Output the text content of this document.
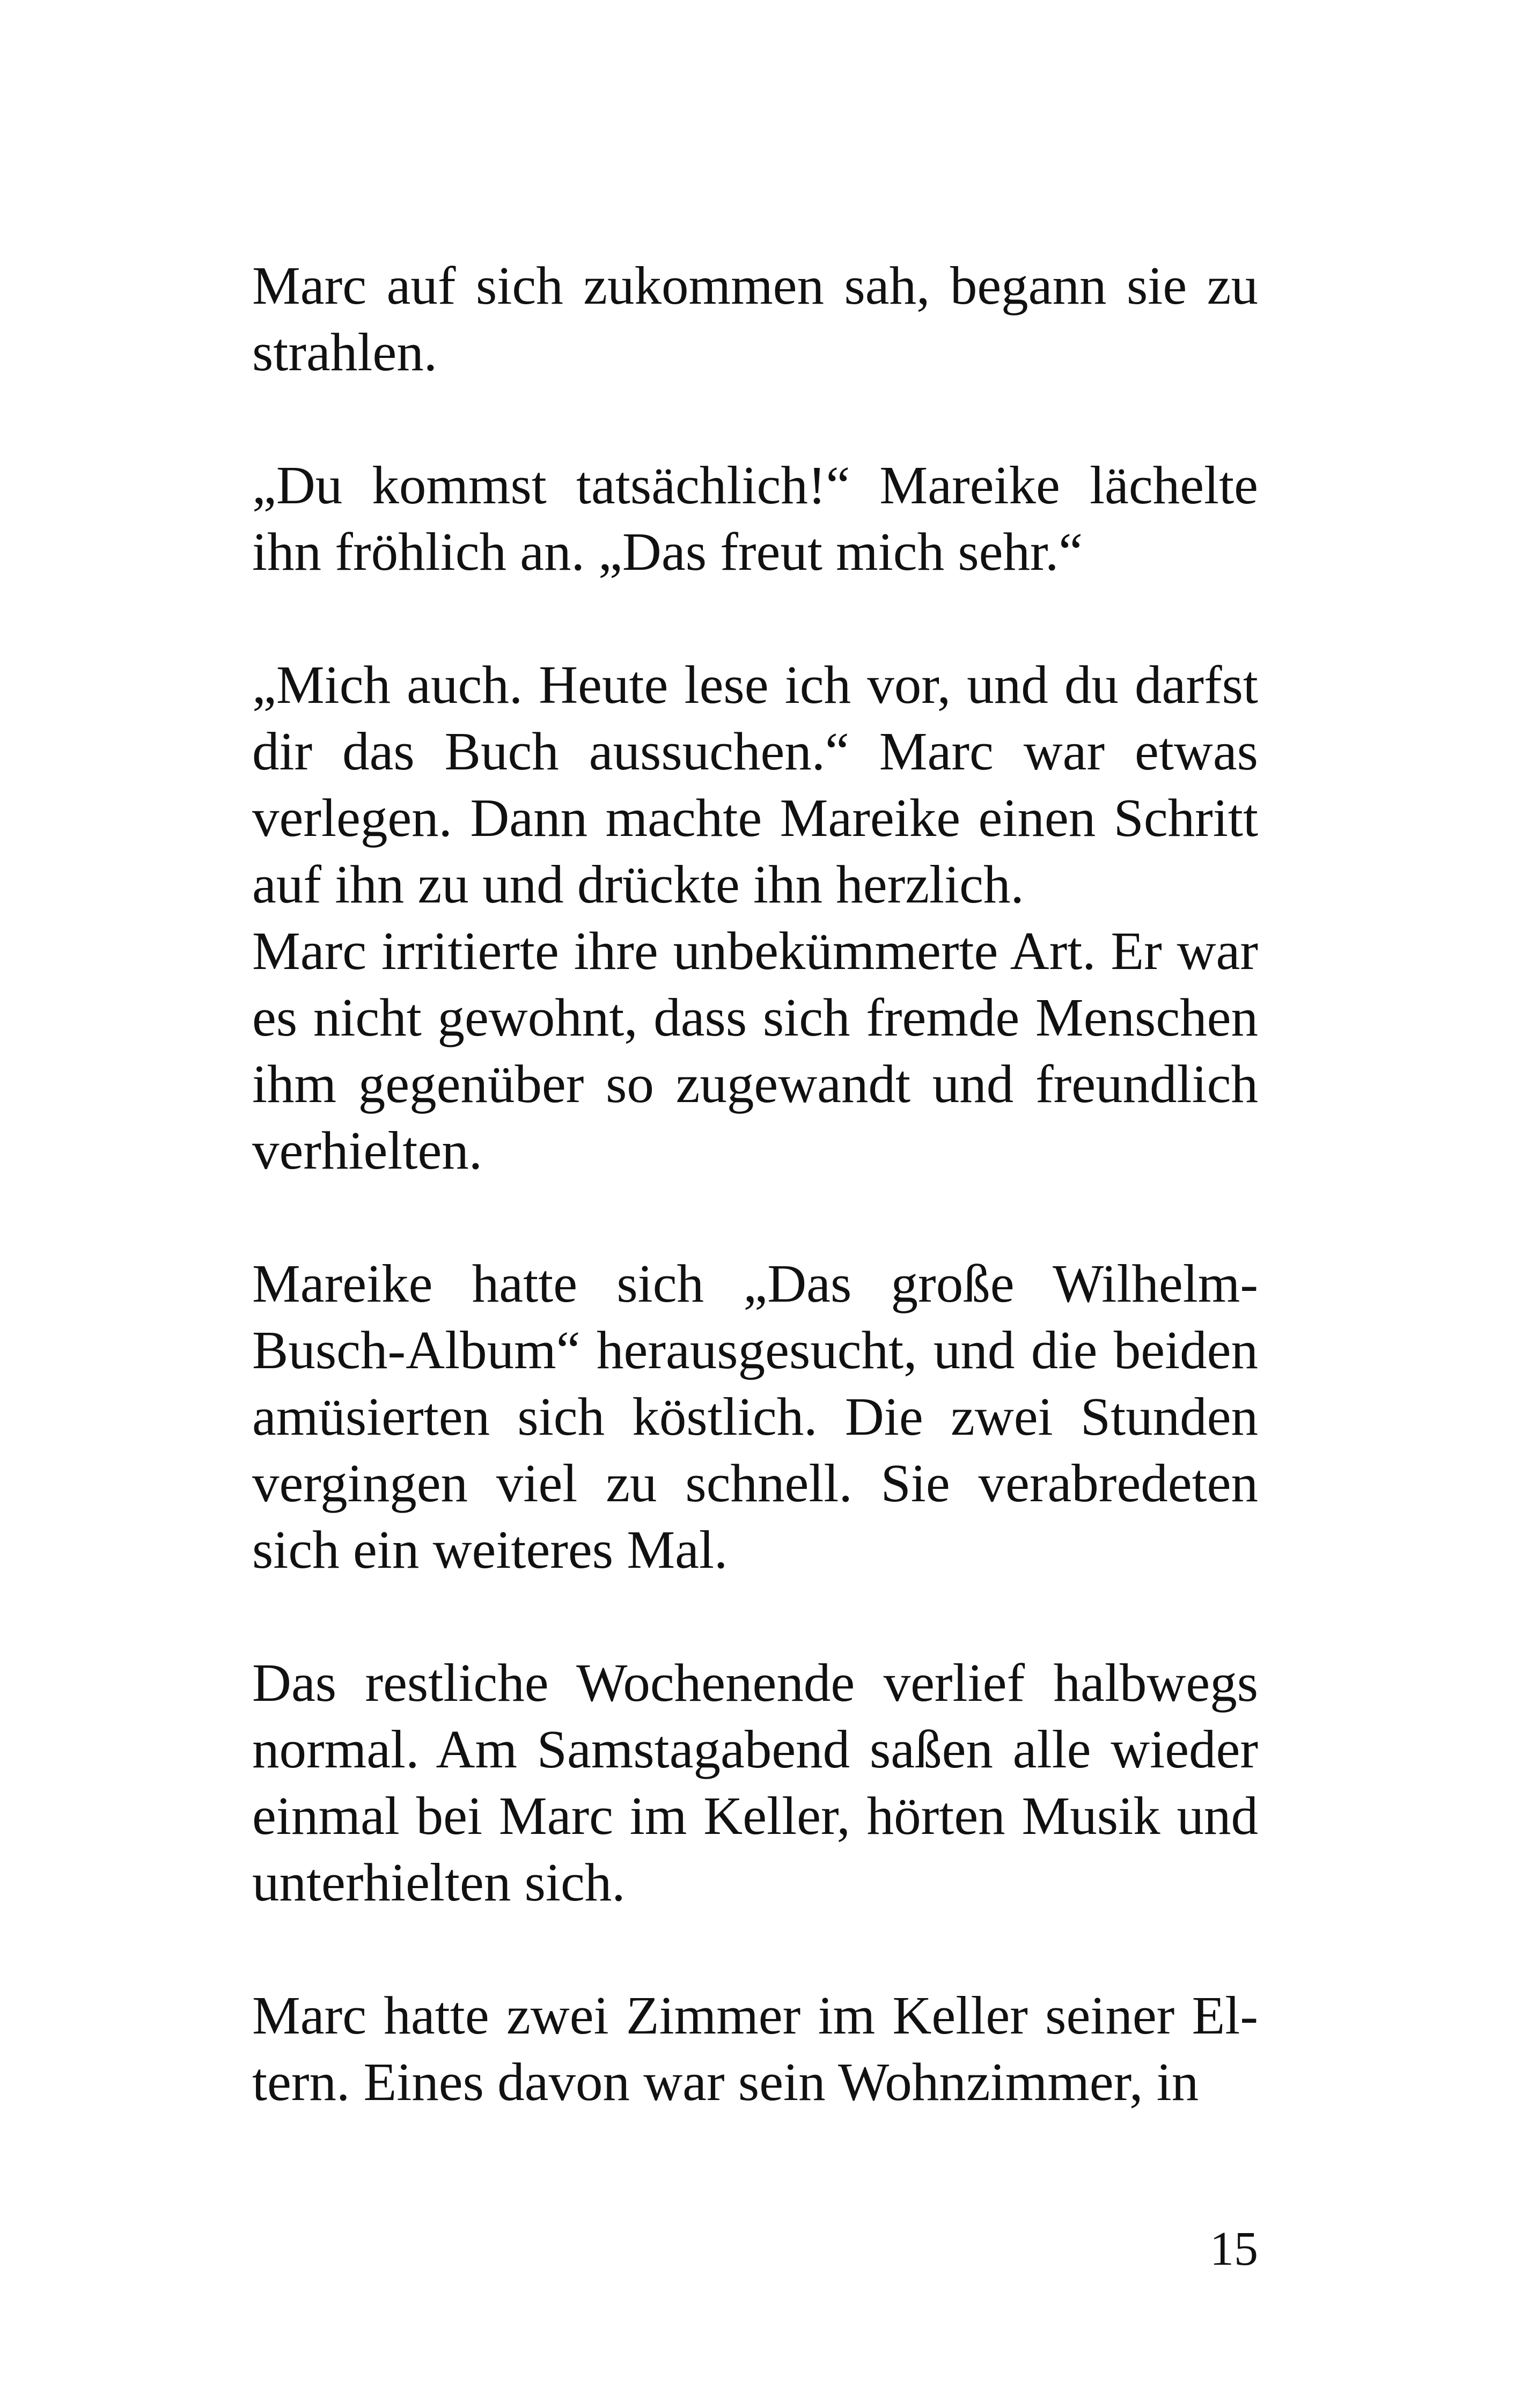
Marc auf sich zukommen sah, begann sie zu strahlen.

„Du kommst tatsächlich!“ Mareike lächelte ihn fröhlich an. „Das freut mich sehr.“

„Mich auch. Heute lese ich vor, und du darfst dir das Buch aussuchen.“ Marc war etwas verlegen. Dann machte Mareike einen Schritt auf ihn zu und drückte ihn herzlich.

Marc irritierte ihre unbekümmerte Art. Er war es nicht gewohnt, dass sich fremde Menschen ihm gegenüber so zugewandt und freundlich verhielten.

Mareike hatte sich „Das große Wilhelm-Busch-Album“ herausgesucht, und die beiden amüsierten sich köstlich. Die zwei Stunden vergingen viel zu schnell. Sie verabredeten sich ein weiteres Mal.

Das restliche Wochenende verlief halbwegs normal. Am Samstagabend saßen alle wieder einmal bei Marc im Keller, hörten Musik und unterhielten sich.

Marc hatte zwei Zimmer im Keller seiner Eltern. Eines davon war sein Wohnzimmer, in

15
